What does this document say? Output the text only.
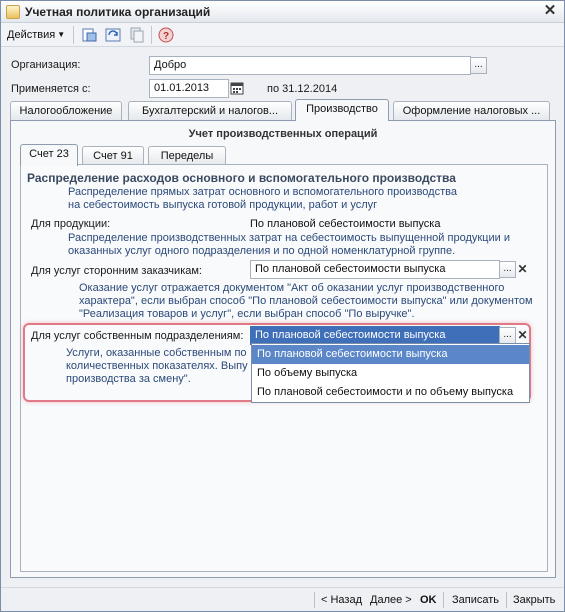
Учетная политика организаций	✕
Действия ▼	?
Организация:	Добро	...
Применяется с:	01.01.2013	по 31.12.2014
Налогообложение	Бухгалтерский и налогов...	Производство	Оформление налоговых ...
Учет производственных операций
Счет 23	Счет 91	Переделы
Распределение расходов основного и вспомогательного производства
Распределение прямых затрат основного и вспомогательного производства
на себестоимость выпуска готовой продукции, работ и услуг
Для продукции:	По плановой себестоимости выпуска
Распределение производственных затрат на себестоимость выпущенной продукции и
оказанных услуг одного подразделения и по одной номенклатурной группе.
Для услуг сторонним заказчикам:	По плановой себестоимости выпуска	... ✕
Оказание услуг отражается документом "Акт об оказании услуг производственного
характера", если выбран способ "По плановой себестоимости выпуска" или документом
"Реализация товаров и услуг", если выбран способ "По выручке".
Для услуг собственным подразделениям:	По плановой себестоимости выпуска	... ✕
Услуги, оказанные собственным по
количественных показателях. Выпу
производства за смену".
По плановой себестоимости выпуска
По объему выпуска
По плановой себестоимости и по объему выпуска
< Назад Далее > OK Записать Закрыть
